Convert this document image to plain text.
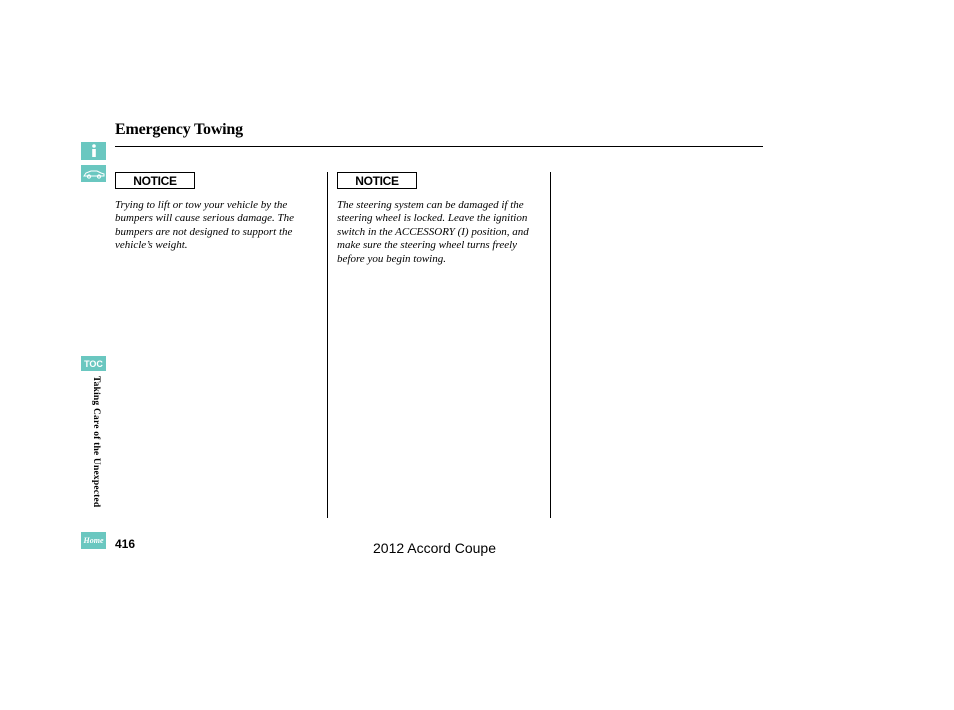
Emergency Towing
TOC
Taking Care of the Unexpected
Home
NOTICE
Trying to lift or tow your vehicle by the bumpers will cause serious damage. The bumpers are not designed to support the vehicle’s weight.
NOTICE
The steering system can be damaged if the steering wheel is locked. Leave the ignition switch in the ACCESSORY (I) position, and make sure the steering wheel turns freely before you begin towing.
416	2012 Accord Coupe
